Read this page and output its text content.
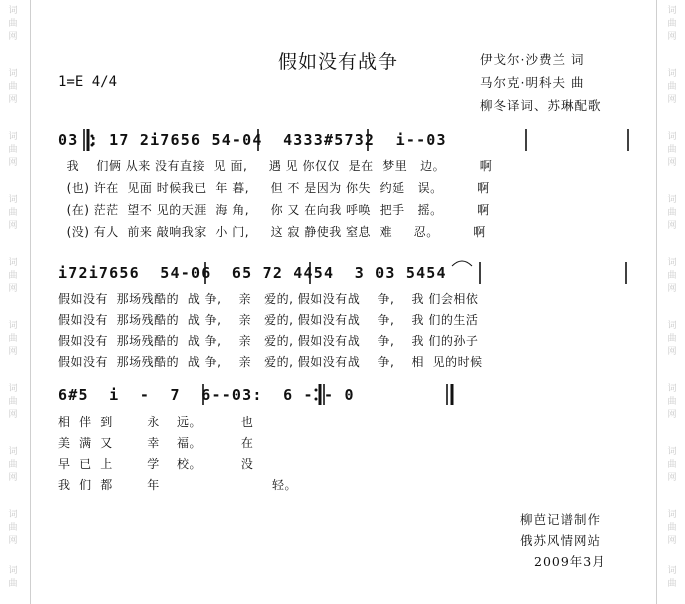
词
曲
网
词
曲
网
词
曲
网
词
曲
网
词
曲
网
词
曲
网
词
曲
网
词
曲
网
词
曲
网
词
曲
词
曲
网
词
曲
网
词
曲
网
词
曲
网
词
曲
网
词
曲
网
词
曲
网
词
曲
网
词
曲
网
词
曲
假如没有战争	伊戈尔·沙费兰 词
马尔克·明科夫 曲
柳冬译词、苏琳配歌
1=E 4/4
03 : 17 2i7656 54-04  4333#5732  i--03
我    们俩 从来 没有直接  见 面,     遇 见 你仅仅  是在  梦里   边。        啊
(也) 许在  见面 时候我已  年 暮,     但 不 是因为 你失  约延   误。        啊
(在) 茫茫  望不 见的天涯  海 角,     你 又 在向我 呼唤  把手   摇。        啊
(没) 有人  前来 敲响我家  小 门,     这 寂 静使我 窒息  难     忍。        啊
i72i7656  54-06  65 72 4454  3 03 5454
假如没有  那场残酷的  战 争,    亲   爱的, 假如没有战    争,    我 们会相依
假如没有  那场残酷的  战 争,    亲   爱的, 假如没有战    争,    我 们的生活
假如没有  那场残酷的  战 争,    亲   爱的, 假如没有战    争,    我 们的孙子
假如没有  那场残酷的  战 争,    亲   爱的, 假如没有战    争,    相  见的时候
6#5  i  -  7  6--03:  6 - - 0
相  伴  到        永    远。         也
美  满  又        幸    福。         在
早  已  上        学    校。         没
我  们  都        年                          轻。
柳芭记谱制作
俄苏风情网站
2009年3月
